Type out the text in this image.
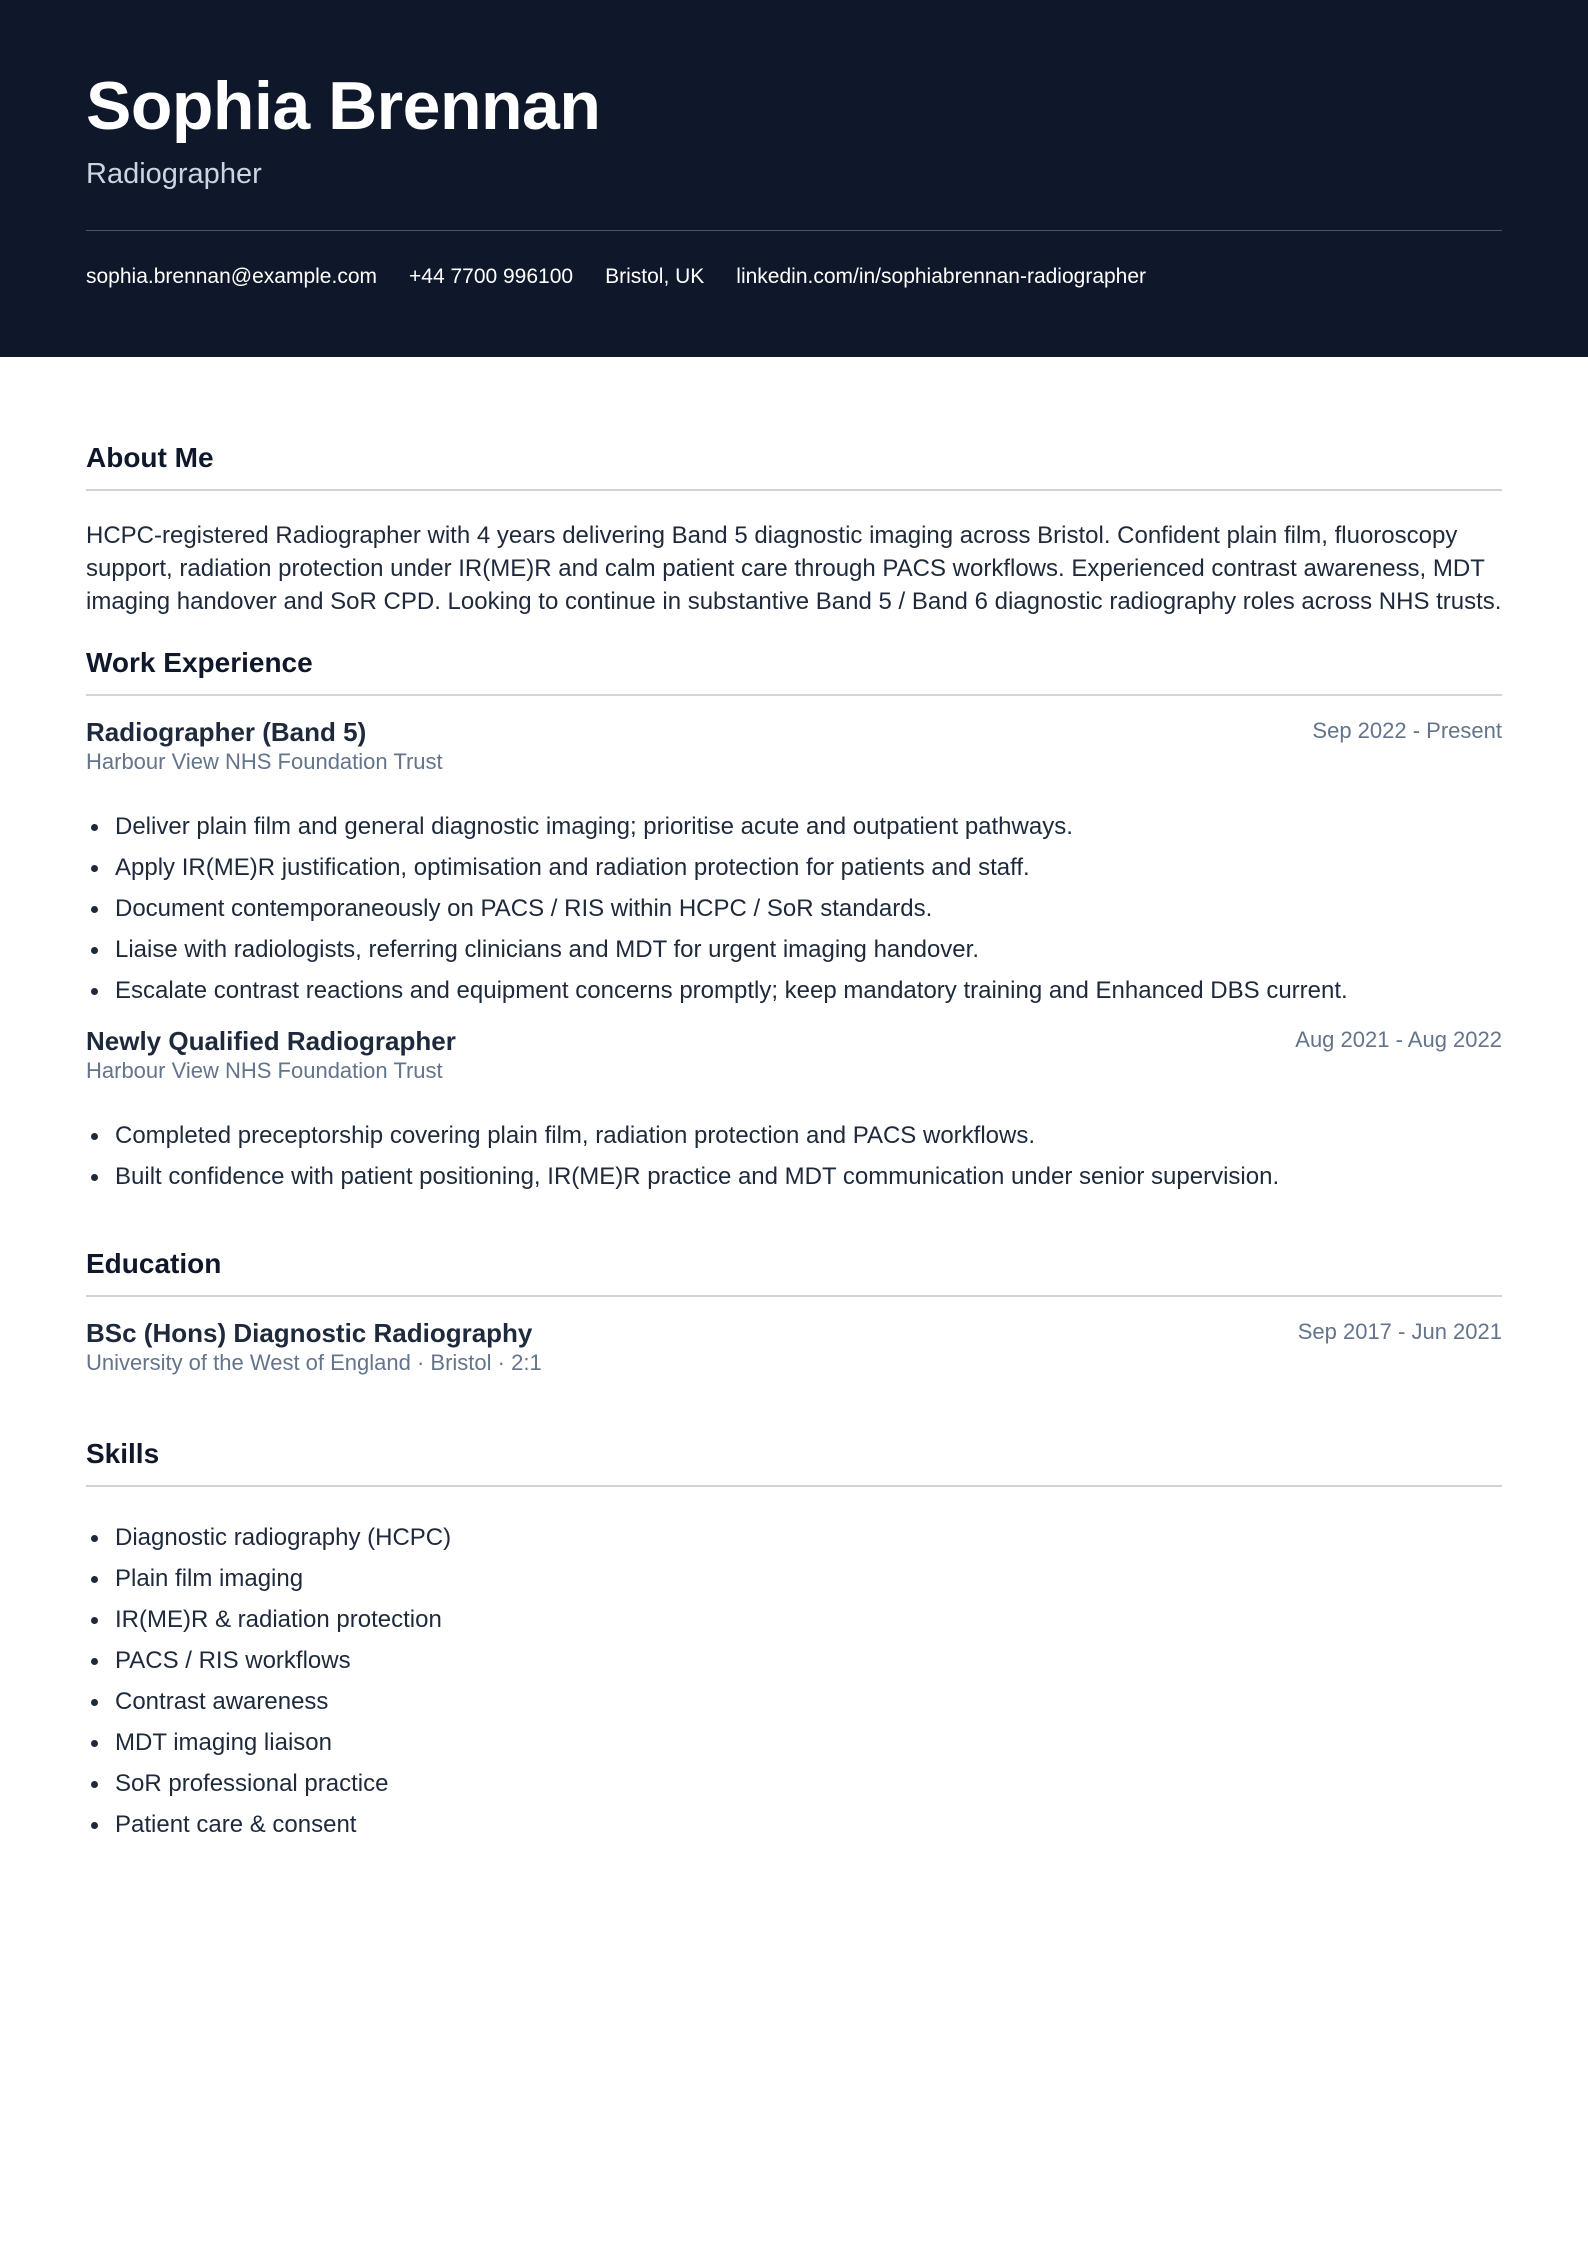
Sophia Brennan
Radiographer
sophia.brennan@example.com +44 7700 996100 Bristol, UK linkedin.com/in/sophiabrennan-radiographer
About Me

HCPC-registered Radiographer with 4 years delivering Band 5 diagnostic imaging across Bristol. Confident plain film, fluoroscopy support, radiation protection under IR(ME)R and calm patient care through PACS workflows. Experienced contrast awareness, MDT imaging handover and SoR CPD. Looking to continue in substantive Band 5 / Band 6 diagnostic radiography roles across NHS trusts.

Work Experience
Radiographer (Band 5)	Sep 2022 - Present
Harbour View NHS Foundation Trust
Deliver plain film and general diagnostic imaging; prioritise acute and outpatient pathways.
Apply IR(ME)R justification, optimisation and radiation protection for patients and staff.
Document contemporaneously on PACS / RIS within HCPC / SoR standards.
Liaise with radiologists, referring clinicians and MDT for urgent imaging handover.
Escalate contrast reactions and equipment concerns promptly; keep mandatory training and Enhanced DBS current.
Newly Qualified Radiographer	Aug 2021 - Aug 2022
Harbour View NHS Foundation Trust
Completed preceptorship covering plain film, radiation protection and PACS workflows.
Built confidence with patient positioning, IR(ME)R practice and MDT communication under senior supervision.
Education
BSc (Hons) Diagnostic Radiography	Sep 2017 - Jun 2021
University of the West of England · Bristol · 2:1
Skills
Diagnostic radiography (HCPC)
Plain film imaging
IR(ME)R & radiation protection
PACS / RIS workflows
Contrast awareness
MDT imaging liaison
SoR professional practice
Patient care & consent
